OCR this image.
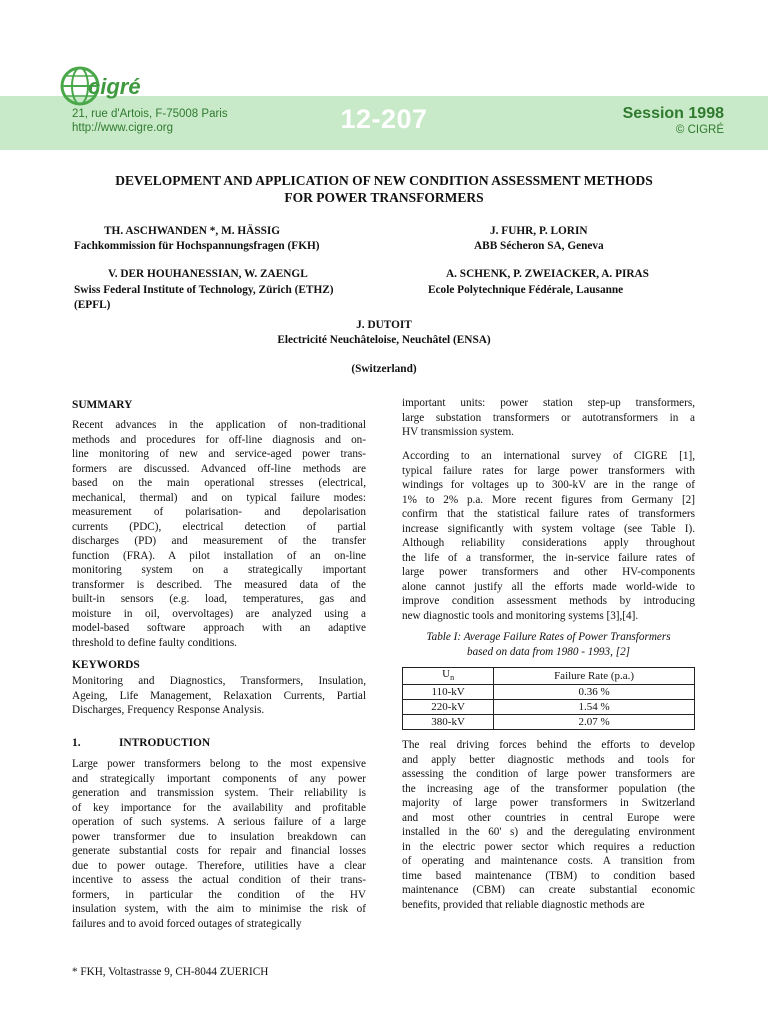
cigré
21, rue d'Artois, F-75008 Paris
http://www.cigre.org	12-207	Session 1998
© CIGRÉ
DEVELOPMENT AND APPLICATION OF NEW CONDITION ASSESSMENT METHODS
FOR POWER TRANSFORMERS
TH. ASCHWANDEN *, M. HÄSSIG
Fachkommission für Hochspannungsfragen (FKH)
J. FUHR, P. LORIN
ABB Sécheron SA, Geneva
V. DER HOUHANESSIAN, W. ZAENGL
Swiss Federal Institute of Technology, Zürich (ETHZ)
(EPFL)
A. SCHENK, P. ZWEIACKER, A. PIRAS
Ecole Polytechnique Fédérale, Lausanne
J. DUTOIT
Electricité Neuchâteloise, Neuchâtel (ENSA)
(Switzerland)
SUMMARY
Recent advances in the application of non-traditional
methods and procedures for off-line diagnosis and on-
line monitoring of new and service-aged power trans-
formers are discussed. Advanced off-line methods are
based on the main operational stresses (electrical,
mechanical, thermal) and on typical failure modes:
measurement of polarisation- and depolarisation
currents (PDC), electrical detection of partial
discharges (PD) and measurement of the transfer
function (FRA). A pilot installation of an on-line
monitoring system on a strategically important
transformer is described. The measured data of the
built-in sensors (e.g. load, temperatures, gas and
moisture in oil, overvoltages) are analyzed using a
model-based software approach with an adaptive
threshold to define faulty conditions.
KEYWORDS
Monitoring and Diagnostics, Transformers, Insulation,
Ageing, Life Management, Relaxation Currents, Partial
Discharges, Frequency Response Analysis.
1.	INTRODUCTION
Large power transformers belong to the most expensive
and strategically important components of any power
generation and transmission system. Their reliability is
of key importance for the availability and profitable
operation of such systems. A serious failure of a large
power transformer due to insulation breakdown can
generate substantial costs for repair and financial losses
due to power outage. Therefore, utilities have a clear
incentive to assess the actual condition of their trans-
formers, in particular the condition of the HV
insulation system, with the aim to minimise the risk of
failures and to avoid forced outages of strategically
important units: power station step-up transformers,
large substation transformers or autotransformers in a
HV transmission system.
According to an international survey of CIGRE [1],
typical failure rates for large power transformers with
windings for voltages up to 300-kV are in the range of
1% to 2% p.a. More recent figures from Germany [2]
confirm that the statistical failure rates of transformers
increase significantly with system voltage (see Table I).
Although reliability considerations apply throughout
the life of a transformer, the in-service failure rates of
large power transformers and other HV-components
alone cannot justify all the efforts made world-wide to
improve condition assessment methods by introducing
new diagnostic tools and monitoring systems [3],[4].
Table I: Average Failure Rates of Power Transformers
based on data from 1980 - 1993, [2]
$U_n$	Failure Rate (p.a.)
110-kV	0.36 %
220-kV	1.54 %
380-kV	2.07 %
The real driving forces behind the efforts to develop
and apply better diagnostic methods and tools for
assessing the condition of large power transformers are
the increasing age of the transformer population (the
majority of large power transformers in Switzerland
and most other countries in central Europe were
installed in the 60' s) and the deregulating environment
in the electric power sector which requires a reduction
of operating and maintenance costs. A transition from
time based maintenance (TBM) to condition based
maintenance (CBM) can create substantial economic
benefits, provided that reliable diagnostic methods are
* FKH, Voltastrasse 9, CH-8044 ZUERICH
